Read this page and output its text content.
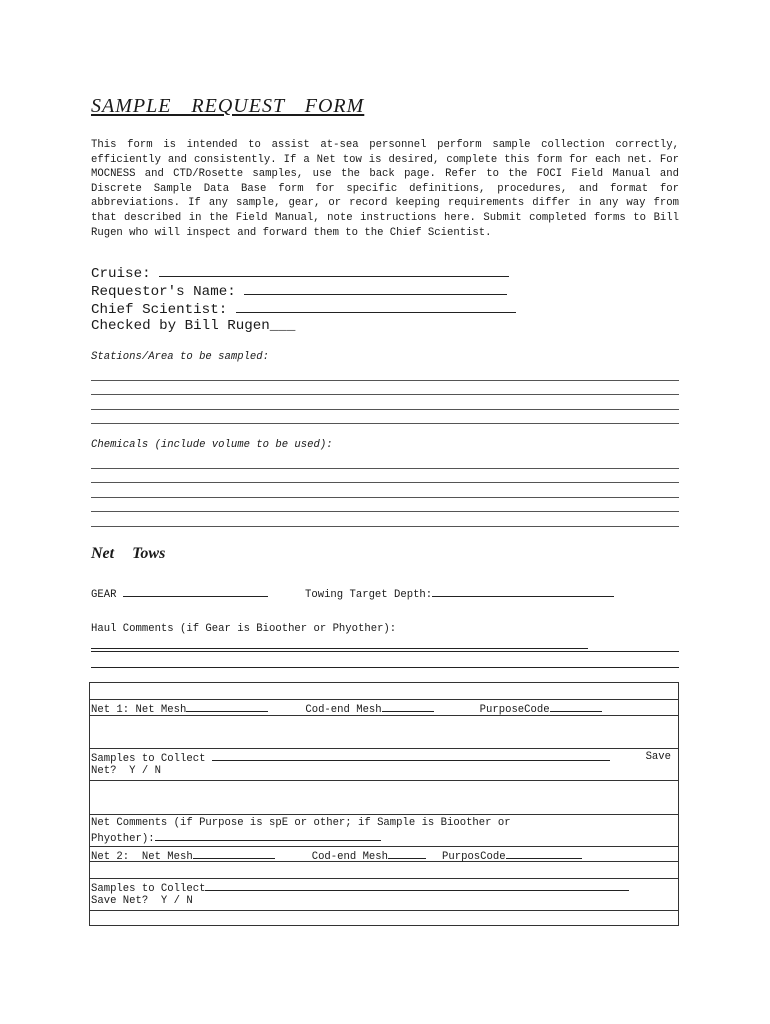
SAMPLE REQUEST FORM

This form is intended to assist at-sea personnel perform sample collection correctly, efficiently and consistently. If a Net tow is desired, complete this form for each net. For MOCNESS and CTD/Rosette samples, use the back page. Refer to the FOCI Field Manual and Discrete Sample Data Base form for specific definitions, procedures, and format for abbreviations. If any sample, gear, or record keeping requirements differ in any way from that described in the Field Manual, note instructions here. Submit completed forms to Bill Rugen who will inspect and forward them to the Chief Scientist.

Cruise:
Requestor's Name:
Chief Scientist:
Checked by Bill Rugen___
Stations/Area to be sampled:
Chemicals (include volume to be used):
Net Tows
GEAR	Towing Target Depth:
Haul Comments (if Gear is Bioother or Phyother):
Net 1: Net Mesh	Cod-end Mesh	PurposeCode
Samples to Collect	Save
Net?  Y / N
Net Comments (if Purpose is spE or other; if Sample is Bioother or
Phyother):
Net 2:  Net Mesh	Cod-end Mesh	PurposCode
Samples to Collect
Save Net?  Y / N
